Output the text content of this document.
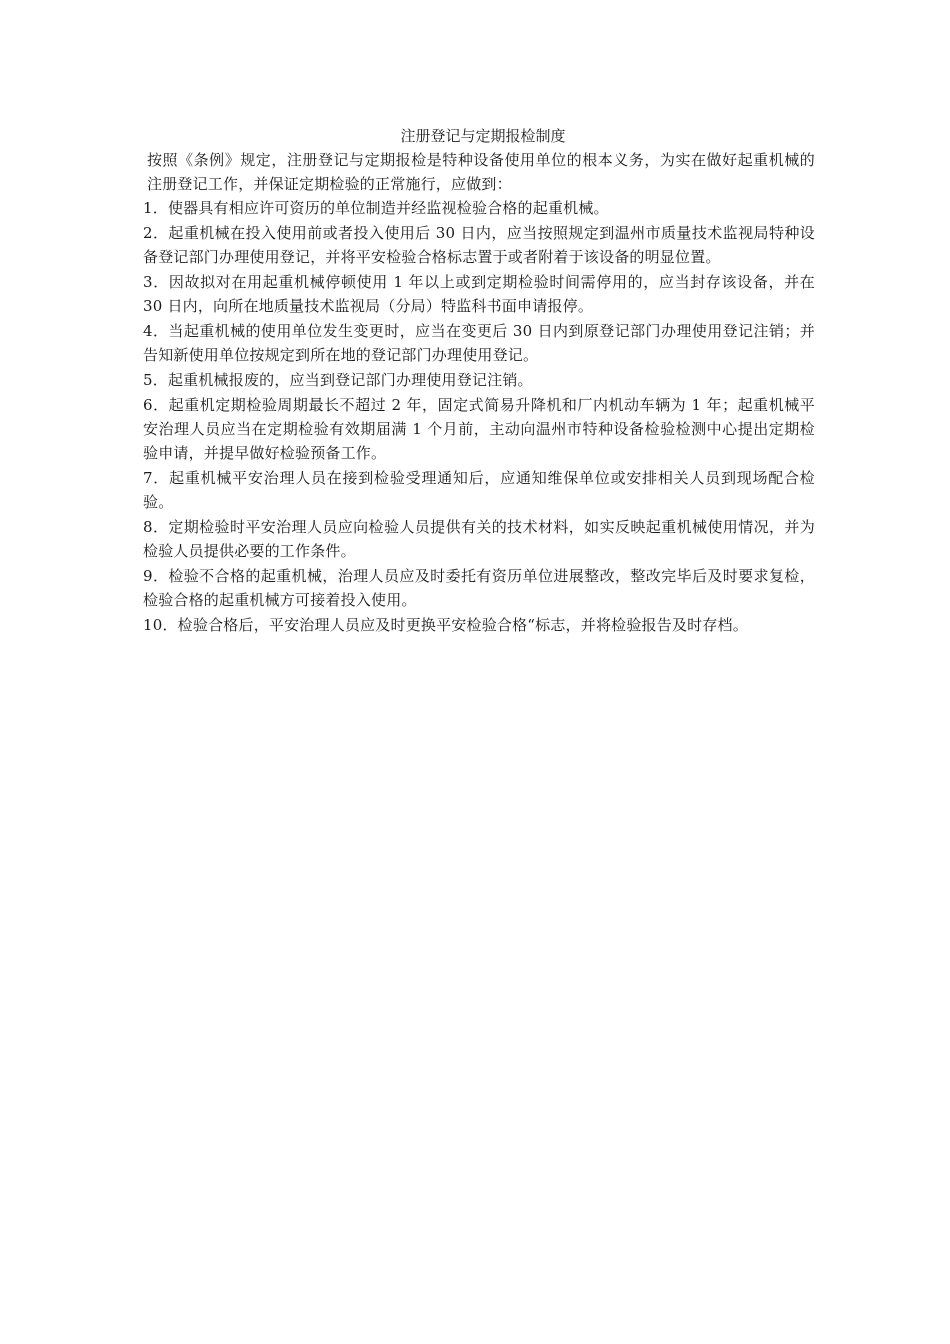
注册登记与定期报检制度

按照《条例》规定，注册登记与定期报检是特种设备使用单位的根本义务，为实在做好起重机械的注册登记工作，并保证定期检验的正常施行，应做到：

1．使器具有相应许可资历的单位制造并经监视检验合格的起重机械。

2．起重机械在投入使用前或者投入使用后 30 日内，应当按照规定到温州市质量技术监视局特种设备登记部门办理使用登记，并将平安检验合格标志置于或者附着于该设备的明显位置。

3．因故拟对在用起重机械停顿使用 1 年以上或到定期检验时间需停用的，应当封存该设备，并在 30 日内，向所在地质量技术监视局（分局）特监科书面申请报停。

4．当起重机械的使用单位发生变更时，应当在变更后 30 日内到原登记部门办理使用登记注销；并告知新使用单位按规定到所在地的登记部门办理使用登记。

5．起重机械报废的，应当到登记部门办理使用登记注销。

6．起重机定期检验周期最长不超过 2 年，固定式简易升降机和厂内机动车辆为 1 年；起重机械平安治理人员应当在定期检验有效期届满 1 个月前，主动向温州市特种设备检验检测中心提出定期检验申请，并提早做好检验预备工作。

7．起重机械平安治理人员在接到检验受理通知后，应通知维保单位或安排相关人员到现场配合检验。

8．定期检验时平安治理人员应向检验人员提供有关的技术材料，如实反映起重机械使用情况，并为检验人员提供必要的工作条件。

9．检验不合格的起重机械，治理人员应及时委托有资历单位进展整改，整改完毕后及时要求复检，检验合格的起重机械方可接着投入使用。

10．检验合格后，平安治理人员应及时更换平安检验合格“标志，并将检验报告及时存档。
